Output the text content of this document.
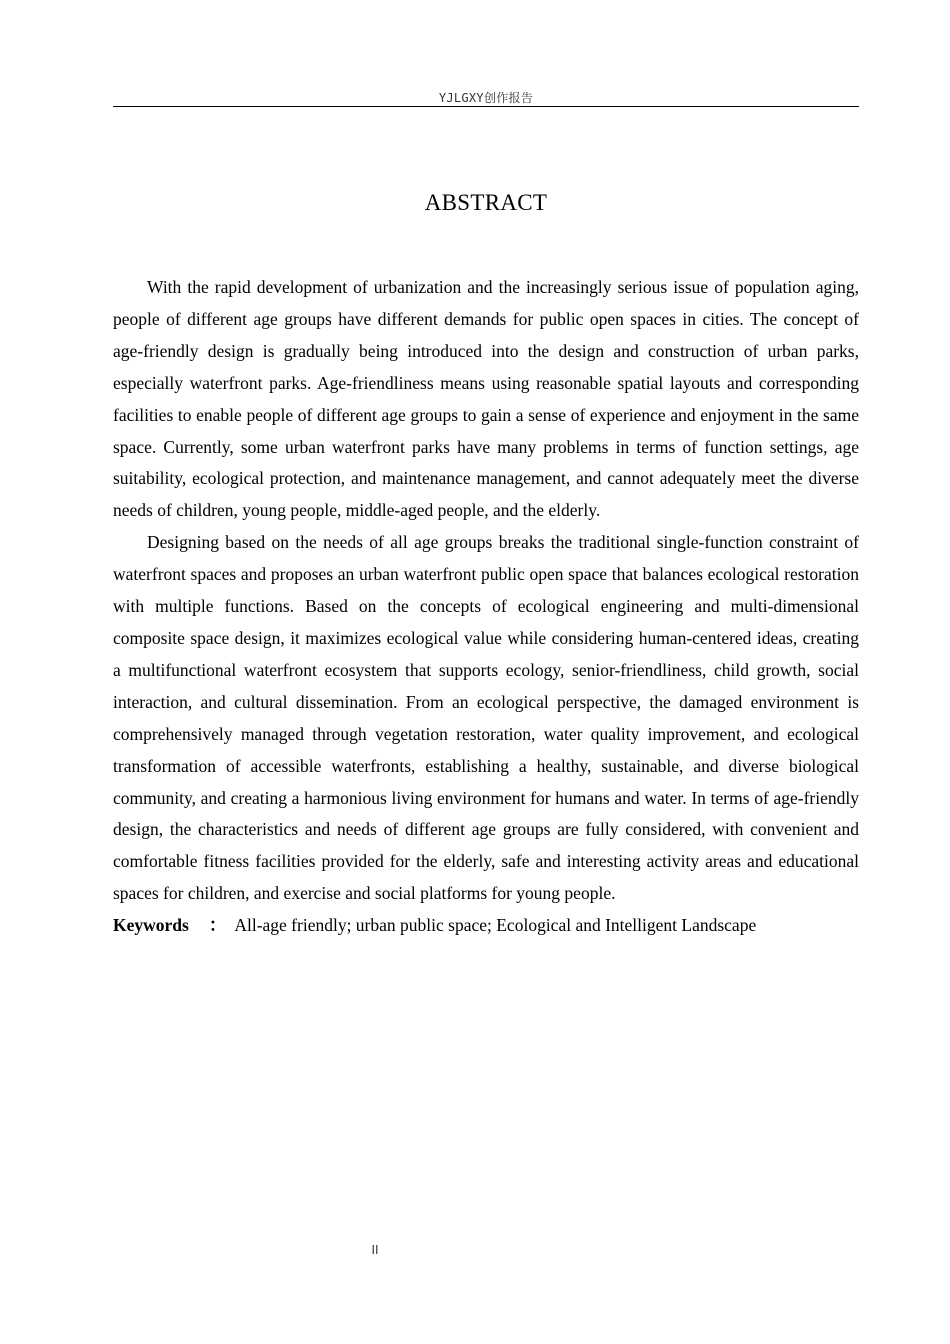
YJLGXY创作报告
ABSTRACT

With the rapid development of urbanization and the increasingly serious issue of population aging, people of different age groups have different demands for public open spaces in cities. The concept of age-friendly design is gradually being introduced into the design and construction of urban parks, especially waterfront parks. Age-friendliness means using reasonable spatial layouts and corresponding facilities to enable people of different age groups to gain a sense of experience and enjoyment in the same space. Currently, some urban waterfront parks have many problems in terms of function settings, age suitability, ecological protection, and maintenance management, and cannot adequately meet the diverse needs of children, young people, middle-aged people, and the elderly.

Designing based on the needs of all age groups breaks the traditional single-function constraint of waterfront spaces and proposes an urban waterfront public open space that balances ecological restoration with multiple functions. Based on the concepts of ecological engineering and multi-dimensional composite space design, it maximizes ecological value while considering human-centered ideas, creating a multifunctional waterfront ecosystem that supports ecology, senior-friendliness, child growth, social interaction, and cultural dissemination. From an ecological perspective, the damaged environment is comprehensively managed through vegetation restoration, water quality improvement, and ecological transformation of accessible waterfronts, establishing a healthy, sustainable, and diverse biological community, and creating a harmonious living environment for humans and water. In terms of age-friendly design, the characteristics and needs of different age groups are fully considered, with convenient and comfortable fitness facilities provided for the elderly, safe and interesting activity areas and educational spaces for children, and exercise and social platforms for young people.

Keywords ： All-age friendly; urban public space; Ecological and Intelligent Landscape

II
